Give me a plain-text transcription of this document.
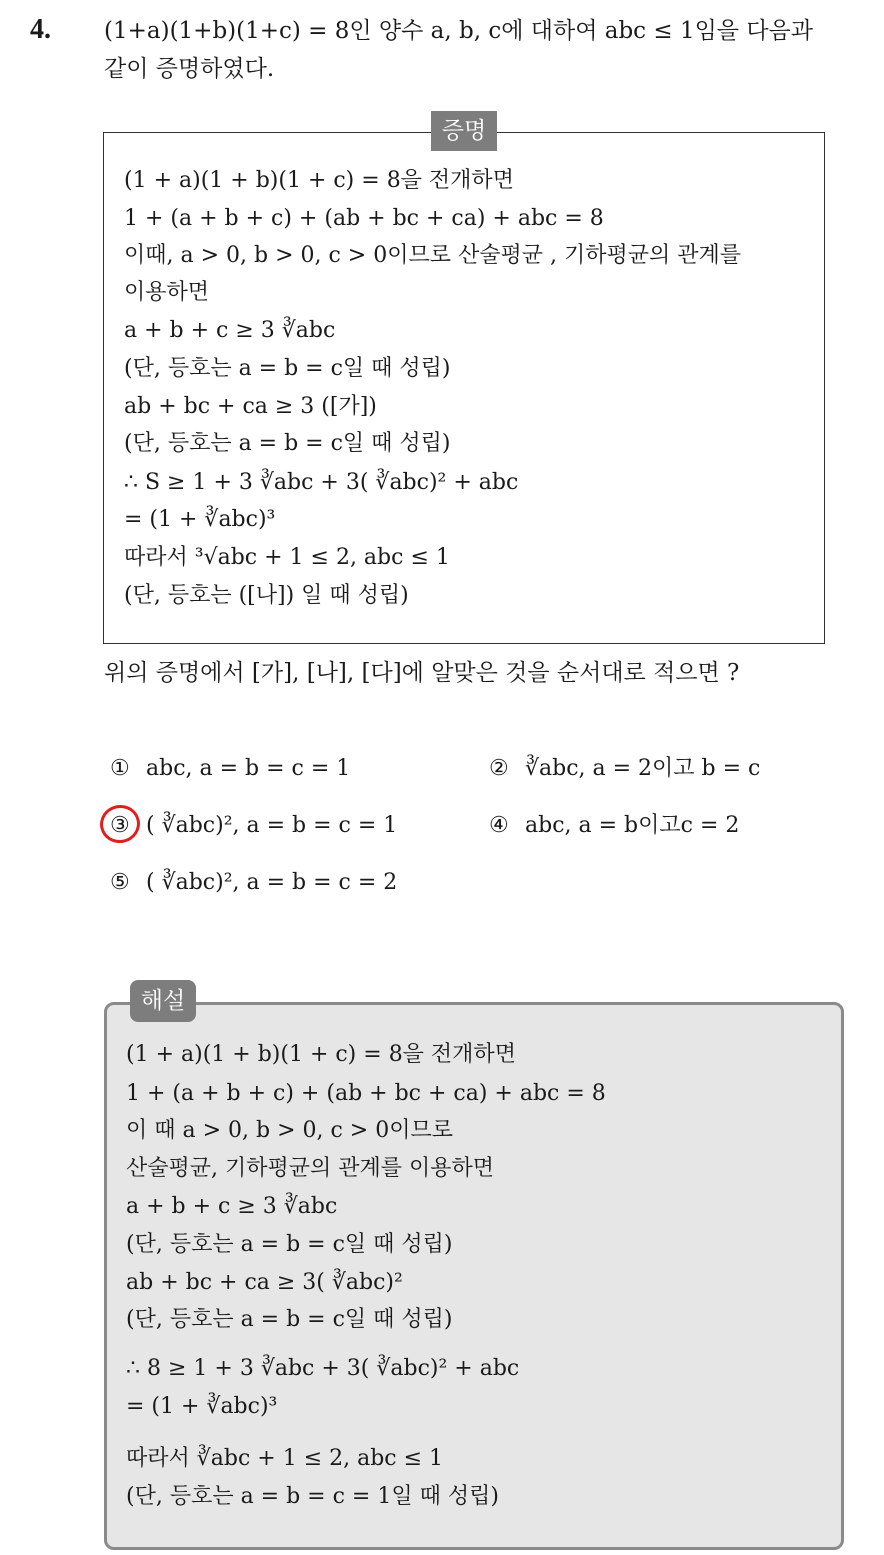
4. (1+a)(1+b)(1+c) = 8인 양수 a, b, c에 대하여 abc ≤ 1임을 다음과
같이 증명하였다.
증명
(1 + a)(1 + b)(1 + c) = 8을 전개하면
1 + (a + b + c) + (ab + bc + ca) + abc = 8
이때, a > 0, b > 0, c > 0이므로 산술평균 , 기하평균의 관계를
이용하면
a + b + c ≥ 3 ∛abc
(단, 등호는 a = b = c일 때 성립)
ab + bc + ca ≥ 3 ([가])
(단, 등호는 a = b = c일 때 성립)
∴ S ≥ 1 + 3 ∛abc + 3( ∛abc)² + abc
= (1 + ∛abc)³
따라서 ³√abc + 1 ≤ 2, abc ≤ 1
(단, 등호는 ([나]) 일 때 성립)
위의 증명에서 [가], [나], [다]에 알맞은 것을 순서대로 적으면 ?
① abc, a = b = c = 1	② ∛abc, a = 2이고 b = c
③ ( ∛abc)², a = b = c = 1	④ abc, a = b이고c = 2
⑤ ( ∛abc)², a = b = c = 2
해설
(1 + a)(1 + b)(1 + c) = 8을 전개하면
1 + (a + b + c) + (ab + bc + ca) + abc = 8
이 때 a > 0, b > 0, c > 0이므로
산술평균, 기하평균의 관계를 이용하면
a + b + c ≥ 3 ∛abc
(단, 등호는 a = b = c일 때 성립)
ab + bc + ca ≥ 3( ∛abc)²
(단, 등호는 a = b = c일 때 성립)
∴ 8 ≥ 1 + 3 ∛abc + 3( ∛abc)² + abc
= (1 + ∛abc)³
따라서 ∛abc + 1 ≤ 2, abc ≤ 1
(단, 등호는 a = b = c = 1일 때 성립)
